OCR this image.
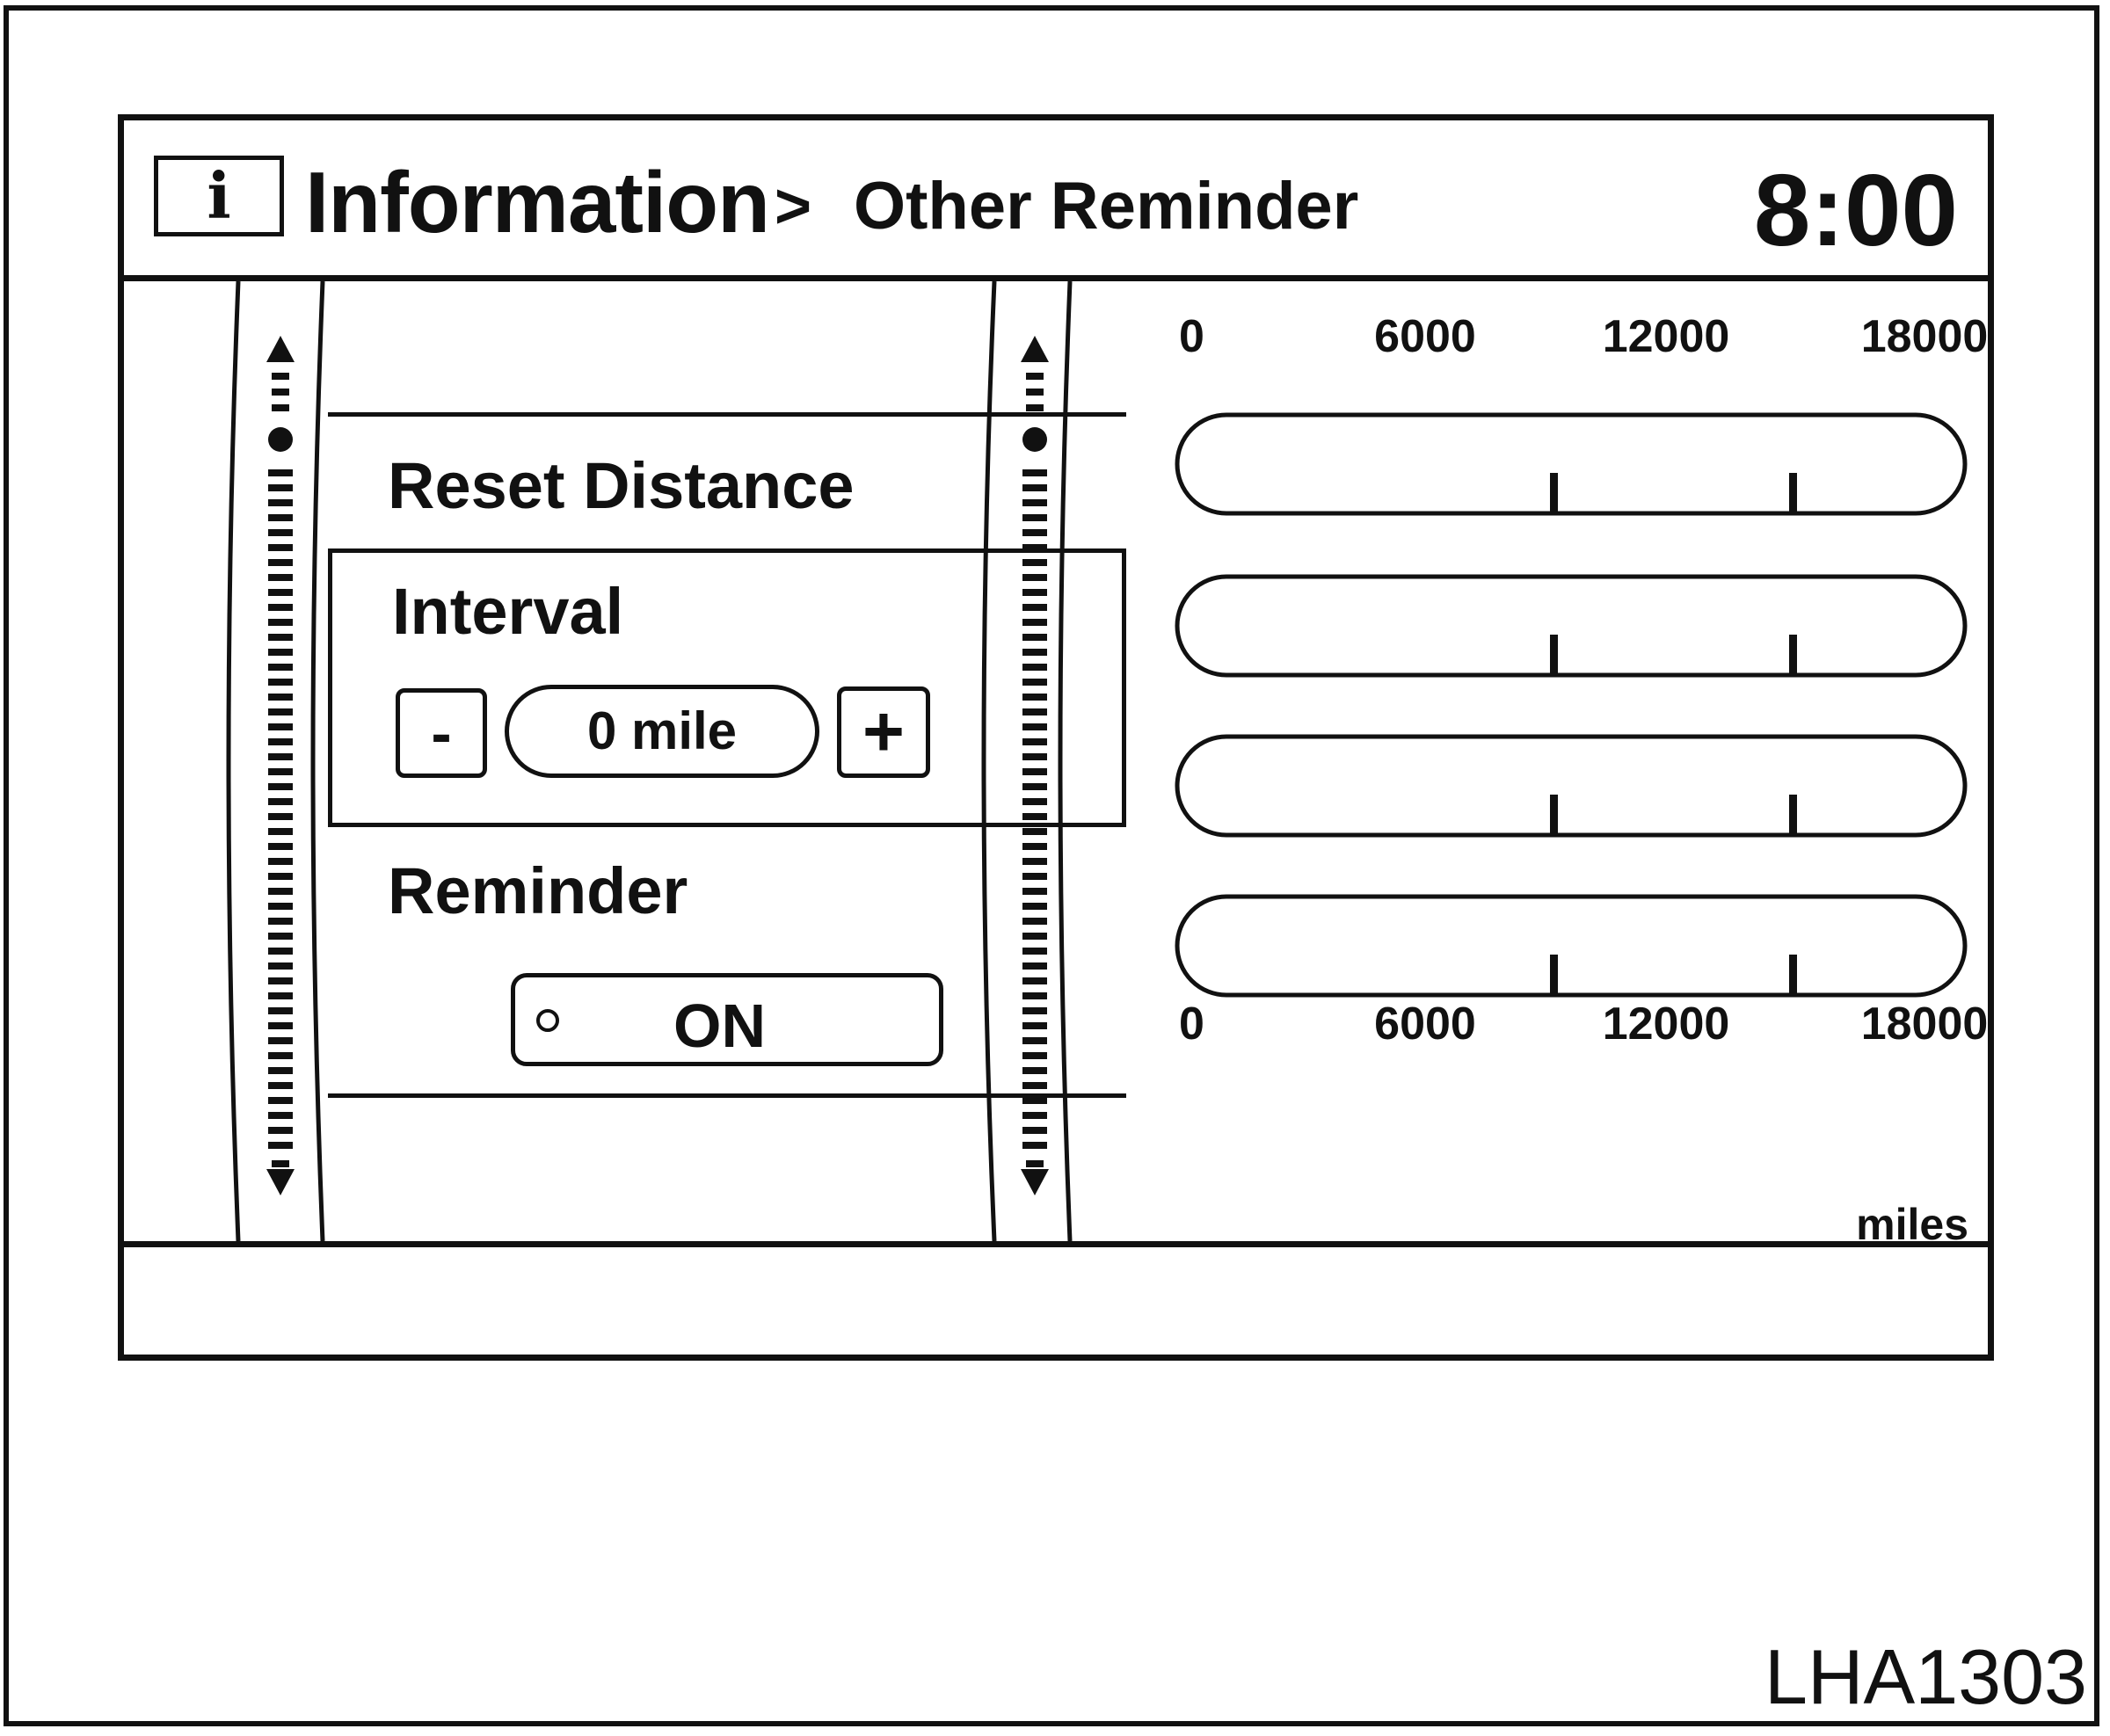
i Information > Other Reminder	8:00
Reset Distance
Interval
-	0 mile	+
Reminder
ON
0	6000	12000	18000
0	6000	12000	18000
miles
LHA1303
